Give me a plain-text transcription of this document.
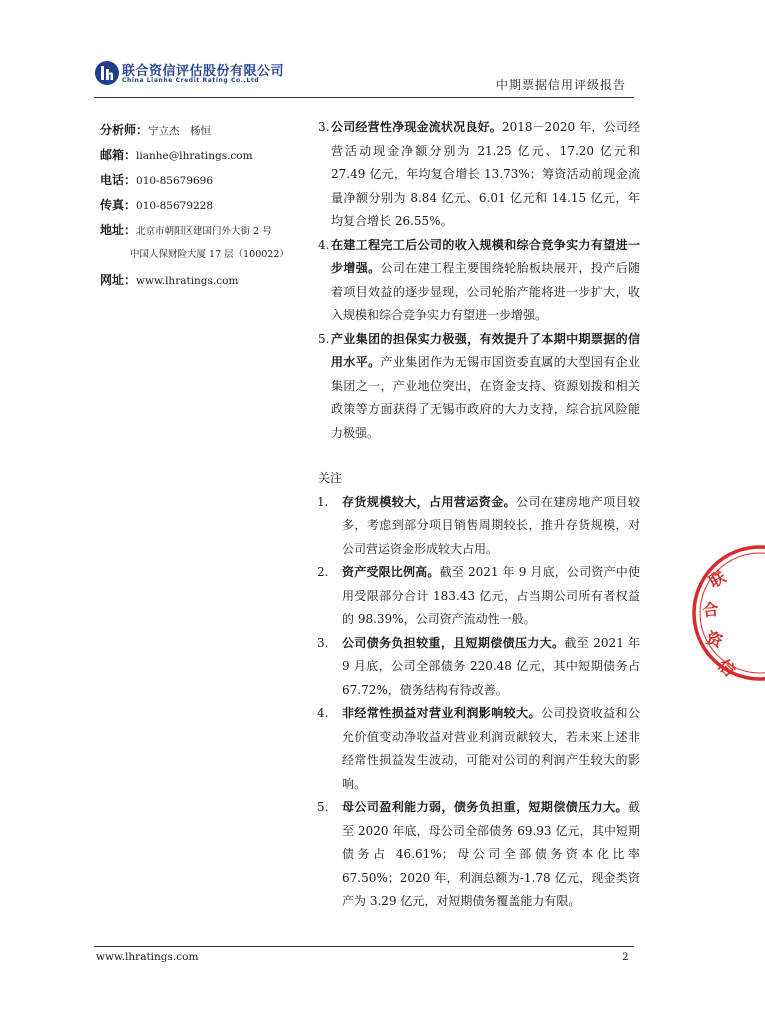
联合资信评估股份有限公司
China Lianhe Credit Rating Co.,Ltd	中期票据信用评级报告
分析师：宁立杰　杨恒
邮箱：lianhe@lhratings.com
电话：010-85679696
传真：010-85679228
地址：北京市朝阳区建国门外大街 2 号
中国人保财险大厦 17 层（100022）
网址：www.lhratings.com
3. 公司经营性净现金流状况良好。2018－2020 年，公司经营活动现金净额分别为 21.25 亿元、17.20 亿元和 27.49 亿元，年均复合增长 13.73%；筹资活动前现金流量净额分别为 8.84 亿元、6.01 亿元和 14.15 亿元，年均复合增长 26.55%。
4. 在建工程完工后公司的收入规模和综合竞争实力有望进一步增强。公司在建工程主要围绕轮胎板块展开，投产后随着项目效益的逐步显现，公司轮胎产能将进一步扩大，收入规模和综合竞争实力有望进一步增强。
5. 产业集团的担保实力极强，有效提升了本期中期票据的信用水平。产业集团作为无锡市国资委直属的大型国有企业集团之一，产业地位突出，在资金支持、资源划拨和相关政策等方面获得了无锡市政府的大力支持，综合抗风险能力极强。
关注
1. 存货规模较大，占用营运资金。公司在建房地产项目较多，考虑到部分项目销售周期较长，推升存货规模，对公司营运资金形成较大占用。
2. 资产受限比例高。截至 2021 年 9 月底，公司资产中使用受限部分合计 183.43 亿元，占当期公司所有者权益的 98.39%，公司资产流动性一般。
3. 公司债务负担较重，且短期偿债压力大。截至 2021 年 9 月底，公司全部债务 220.48 亿元，其中短期债务占 67.72%，债务结构有待改善。
4. 非经常性损益对营业利润影响较大。公司投资收益和公允价值变动净收益对营业利润贡献较大，若未来上述非经常性损益发生波动，可能对公司的利润产生较大的影响。
5. 母公司盈利能力弱，债务负担重，短期偿债压力大。截至 2020 年底，母公司全部债务 69.93 亿元，其中短期债务占 46.61%；母公司全部债务资本化比率 67.50%；2020 年，利润总额为-1.78 亿元，现金类资产为 3.29 亿元，对短期债务覆盖能力有限。
联
合
资
信
www.lhratings.com	2
